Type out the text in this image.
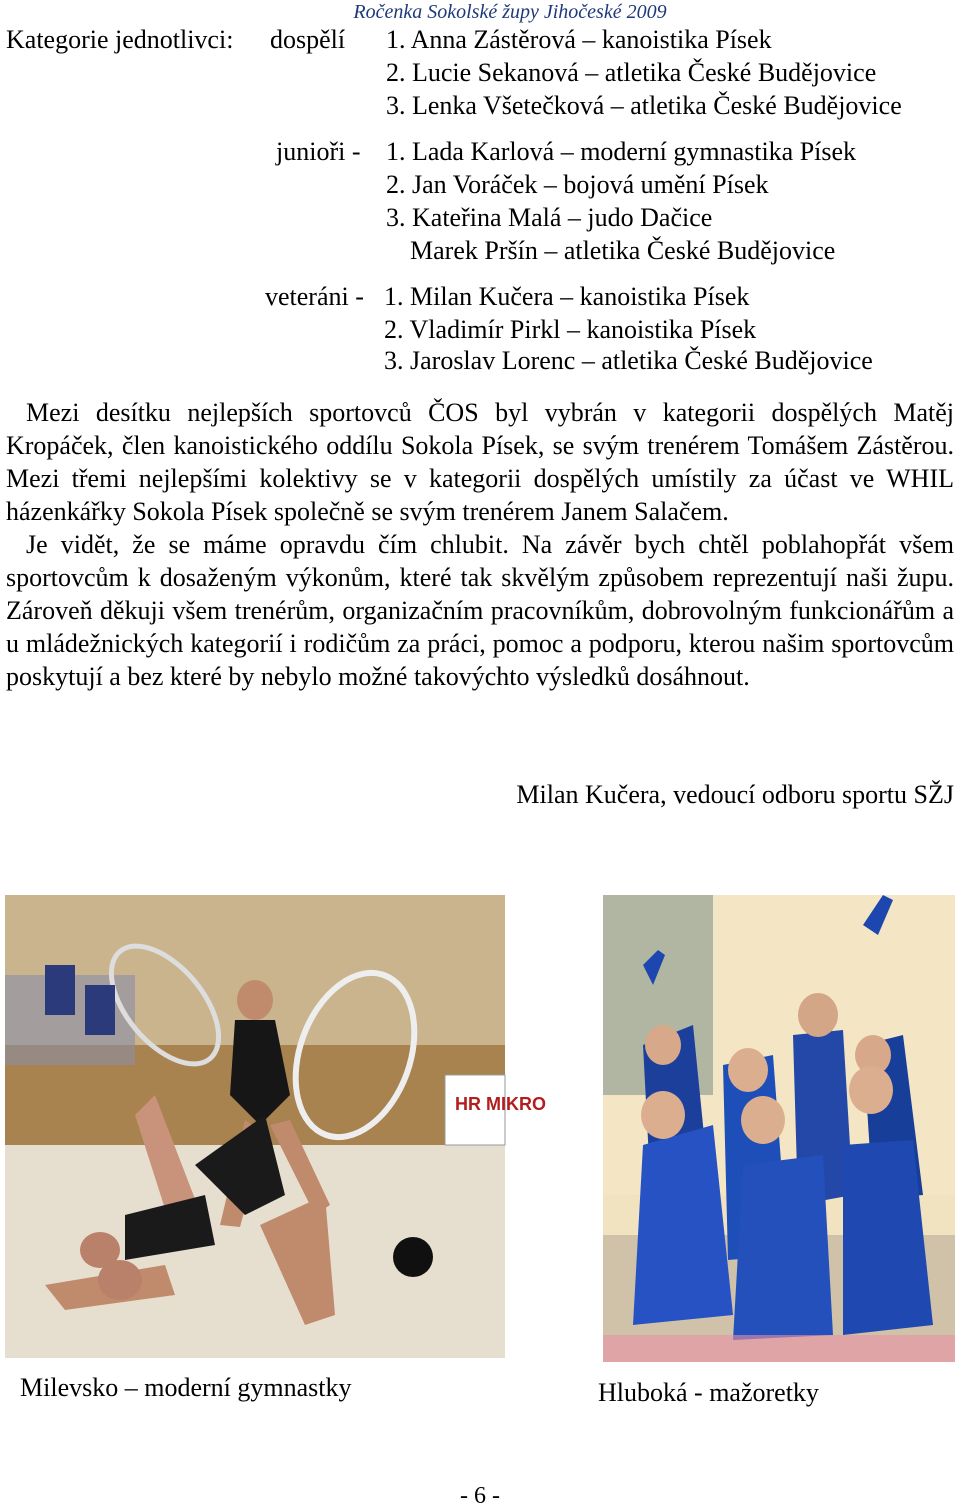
Ročenka Sokolské župy Jihočeské 2009
Kategorie jednotlivci: dospělí 1. Anna Zástěrová – kanoistika Písek
2. Lucie Sekanová – atletika České Budějovice
3. Lenka Všetečková – atletika České Budějovice
junioři - 1. Lada Karlová – moderní gymnastika Písek
2. Jan Voráček – bojová umění Písek
3. Kateřina Malá – judo Dačice
Marek Pršín – atletika České Budějovice
veteráni - 1. Milan Kučera – kanoistika Písek
2. Vladimír Pirkl – kanoistika Písek
3. Jaroslav Lorenc – atletika České Budějovice

Mezi desítku nejlepších sportovců ČOS byl vybrán v kategorii dospělých Matěj Kropáček, člen kanoistického oddílu Sokola Písek, se svým trenérem Tomášem Zástěrou. Mezi třemi nejlepšími kolektivy se v kategorii dospělých umístily za účast ve WHIL házenkářky Sokola Písek společně se svým trenérem Janem Salačem.

Je vidět, že se máme opravdu čím chlubit. Na závěr bych chtěl poblahopřát všem sportovcům k dosaženým výkonům, které tak skvělým způsobem reprezentují naši župu. Zároveň děkuji všem trenérům, organizačním pracovníkům, dobrovolným funkcionářům a u mládežnických kategorií i rodičům za práci, pomoc a podporu, kterou našim sportovcům poskytují a bez které by nebylo možné takovýchto výsledků dosáhnout.

Milan Kučera, vedoucí odboru sportu SŽJ
HR MIKRO
Milevsko – moderní gymnastky	Hluboká - mažoretky
- 6 -
